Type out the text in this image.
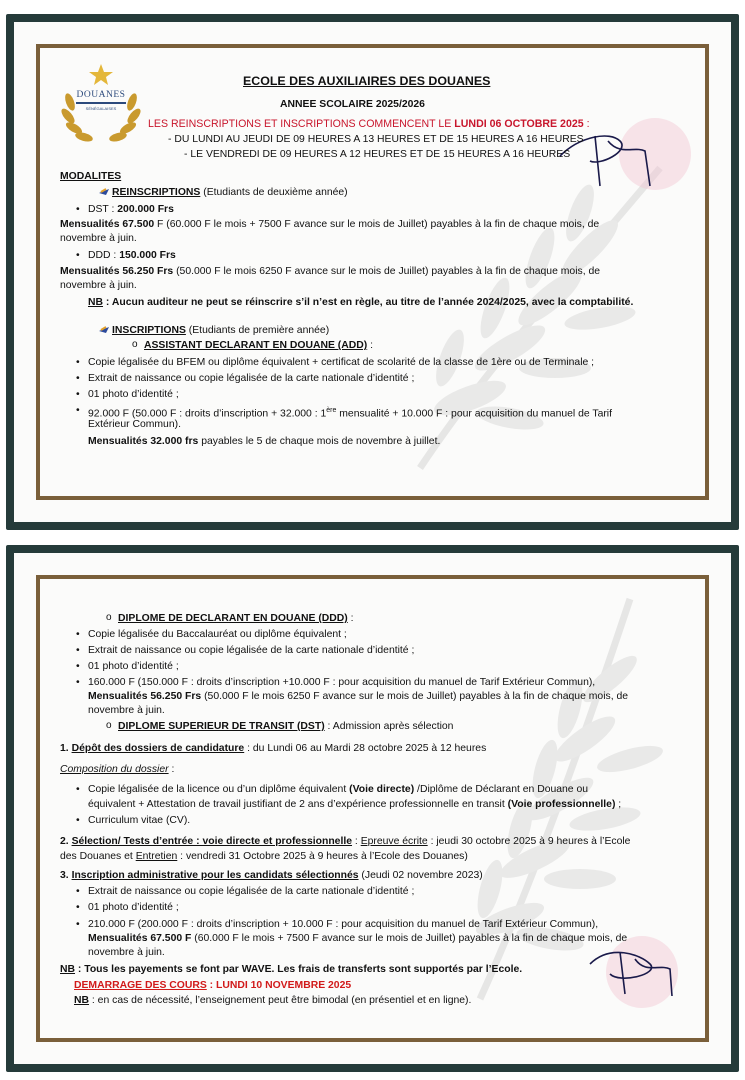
DOUANES
SÉNÉGALAISES
ECOLE DES AUXILIAIRES DES DOUANES
ANNEE SCOLAIRE 2025/2026
LES REINSCRIPTIONS ET INSCRIPTIONS COMMENCENT LE LUNDI 06 OCTOBRE 2025 :
- DU LUNDI AU JEUDI DE 09 HEURES A 13 HEURES ET DE 15 HEURES A 16 HEURES
- LE VENDREDI DE 09 HEURES A 12 HEURES ET DE 15 HEURES A 16 HEURES
MODALITES
REINSCRIPTIONS (Etudiants de deuxième année)
• DST : 200.000 Frs
Mensualités 67.500 F (60.000 F le mois + 7500 F avance sur le mois de Juillet) payables à la fin de chaque mois, de
novembre à juin.
• DDD : 150.000 Frs
Mensualités 56.250 Frs (50.000 F le mois 6250 F avance sur le mois de Juillet) payables à la fin de chaque mois, de
novembre à juin.
NB : Aucun auditeur ne peut se réinscrire s’il n’est en règle, au titre de l’année 2024/2025, avec la comptabilité.
INSCRIPTIONS (Etudiants de première année)
o ASSISTANT DECLARANT EN DOUANE (ADD) :
• Copie légalisée du BFEM ou diplôme équivalent + certificat de scolarité de la classe de 1ère ou de Terminale ;
• Extrait de naissance ou copie légalisée de la carte nationale d’identité ;
• 01 photo d’identité ;
• 92.000 F (50.000 F : droits d’inscription + 32.000 : 1ère mensualité + 10.000 F : pour acquisition du manuel de Tarif
Extérieur Commun).
Mensualités 32.000 frs payables le 5 de chaque mois de novembre à juillet.
o DIPLOME DE DECLARANT EN DOUANE (DDD) :
• Copie légalisée du Baccalauréat ou diplôme équivalent ;
• Extrait de naissance ou copie légalisée de la carte nationale d’identité ;
• 01 photo d’identité ;
• 160.000 F (150.000 F : droits d’inscription +10.000 F : pour acquisition du manuel de Tarif Extérieur Commun),
Mensualités 56.250 Frs (50.000 F le mois 6250 F avance sur le mois de Juillet) payables à la fin de chaque mois, de
novembre à juin.
o DIPLOME SUPERIEUR DE TRANSIT (DST) : Admission après sélection
1. Dépôt des dossiers de candidature : du Lundi 06 au Mardi 28 octobre 2025 à 12 heures
Composition du dossier :
• Copie légalisée de la licence ou d’un diplôme équivalent (Voie directe) /Diplôme de Déclarant en Douane ou
équivalent + Attestation de travail justifiant de 2 ans d’expérience professionnelle en transit (Voie professionnelle) ;
• Curriculum vitae (CV).
2. Sélection/ Tests d’entrée : voie directe et professionnelle : Epreuve écrite : jeudi 30 octobre 2025 à 9 heures à l’Ecole
des Douanes et Entretien : vendredi 31 Octobre 2025 à 9 heures à l’Ecole des Douanes)
3. Inscription administrative pour les candidats sélectionnés (Jeudi 02 novembre 2023)
• Extrait de naissance ou copie légalisée de la carte nationale d’identité ;
• 01 photo d’identité ;
• 210.000 F (200.000 F : droits d’inscription + 10.000 F : pour acquisition du manuel de Tarif Extérieur Commun),
Mensualités 67.500 F (60.000 F le mois + 7500 F avance sur le mois de Juillet) payables à la fin de chaque mois, de
novembre à juin.
NB : Tous les payements se font par WAVE. Les frais de transferts sont supportés par l’Ecole.
DEMARRAGE DES COURS : LUNDI 10 NOVEMBRE 2025
NB : en cas de nécessité, l’enseignement peut être bimodal (en présentiel et en ligne).
